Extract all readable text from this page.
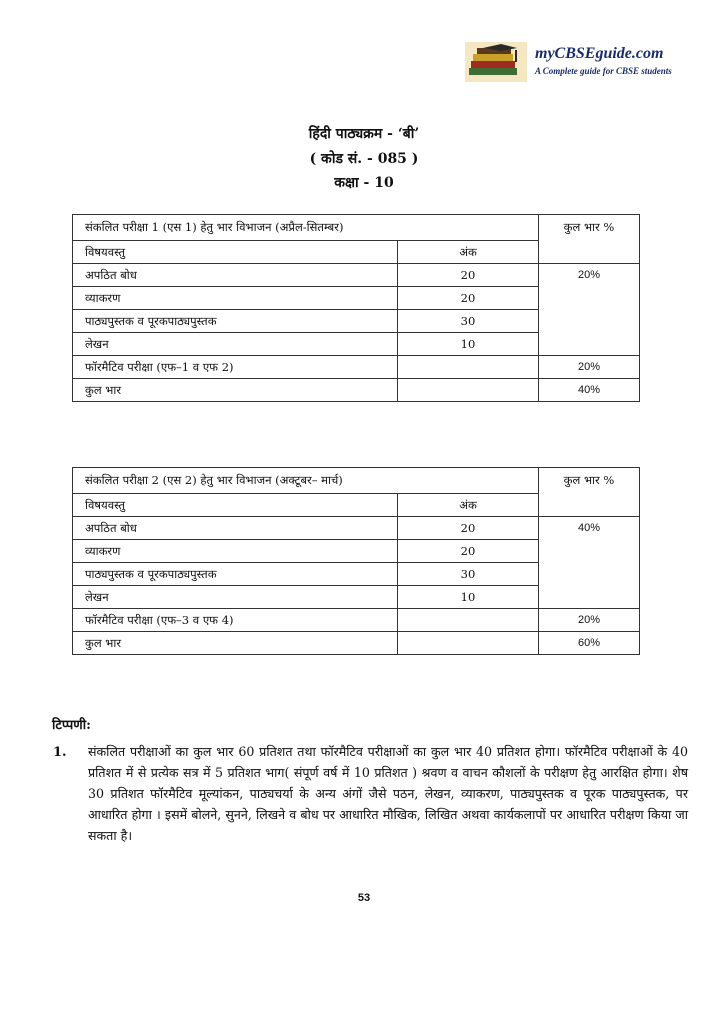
myCBSEguide.com
A Complete guide for CBSE students
हिंदी पाठ्यक्रम - ‘बी’
( कोड सं. - 085 )
कक्षा - 10
संकलित परीक्षा 1 (एस 1) हेतु भार विभाजन (अप्रैल-सितम्बर)		कुल भार %
विषयवस्तु	अंक	
अपठित बोध	20	20%
व्याकरण	20	
पाठ्यपुस्तक व पूरकपाठ्यपुस्तक	30	
लेखन	10	
फॉरमैटिव परीक्षा (एफ–1 व एफ 2)		20%
कुल भार		40%
संकलित परीक्षा 2 (एस 2) हेतु भार विभाजन (अक्टूबर– मार्च)		कुल भार %
विषयवस्तु	अंक	
अपठित बोध	20	40%
व्याकरण	20	
पाठ्यपुस्तक व पूरकपाठ्यपुस्तक	30	
लेखन	10	
फॉरमैटिव परीक्षा (एफ–3 व एफ 4)		20%
कुल भार		60%
टिप्पणी:
1. संकलित परीक्षाओं का कुल भार 60 प्रतिशत तथा फॉरमैटिव परीक्षाओं का कुल भार 40 प्रतिशत होगा। फॉरमैटिव परीक्षाओं के 40 प्रतिशत में से प्रत्येक सत्र में 5 प्रतिशत भाग( संपूर्ण वर्ष में 10 प्रतिशत ) श्रवण व वाचन कौशलों के परीक्षण हेतु आरक्षित होगा। शेष 30 प्रतिशत फॉरमैटिव मूल्यांकन, पाठ्यचर्या के अन्य अंगों जैसे पठन, लेखन, व्याकरण, पाठ्यपुस्तक व पूरक पाठ्यपुस्तक, पर आधारित होगा । इसमें बोलने, सुनने, लिखने व बोध पर आधारित मौखिक, लिखित अथवा कार्यकलापों पर आधारित परीक्षण किया जा सकता है।
53
